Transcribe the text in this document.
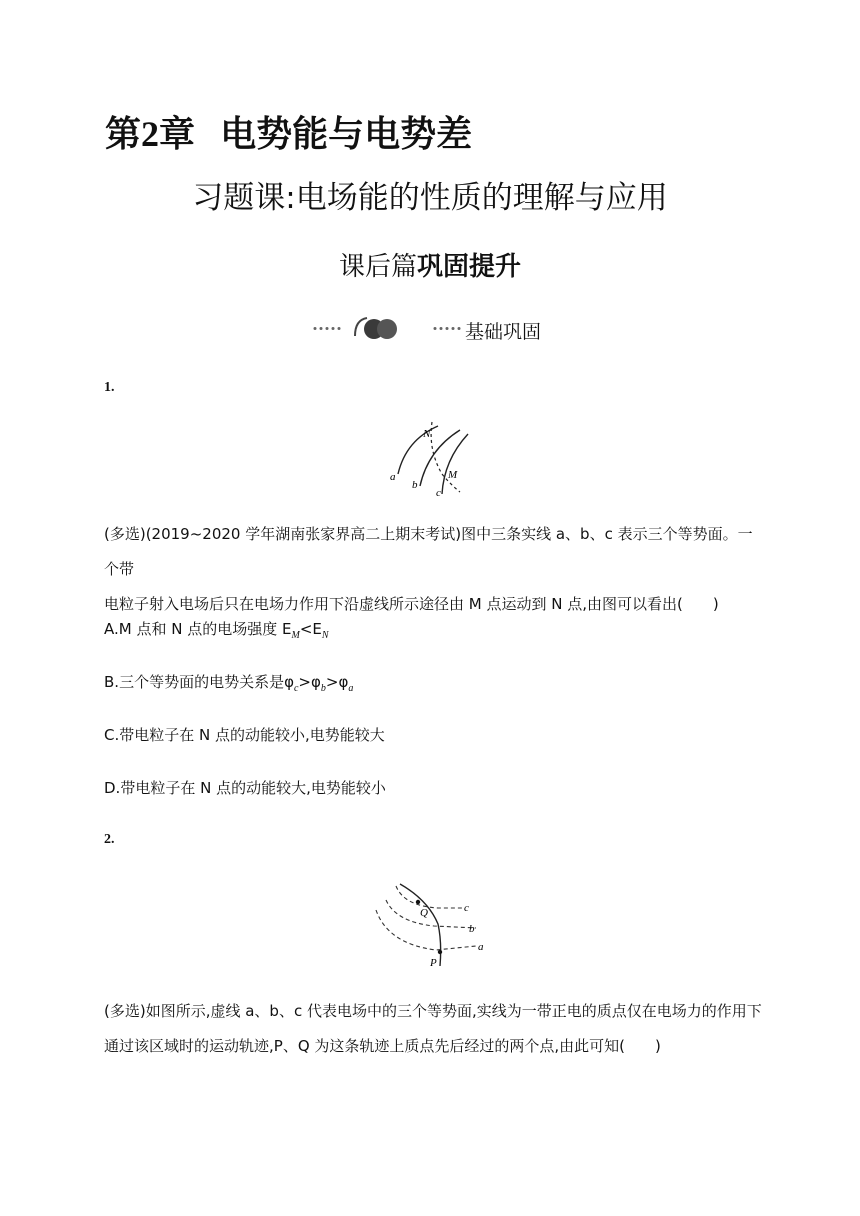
第2章 电势能与电势差
习题课:电场能的性质的理解与应用
课后篇巩固提升
基础巩固
1.
N
M
a
b
c
(多选)(2019~2020 学年湖南张家界高二上期末考试)图中三条实线 a、b、c 表示三个等势面。一个带
电粒子射入电场后只在电场力作用下沿虚线所示途径由 M 点运动到 N 点,由图可以看出(　　)
A.M 点和 N 点的电场强度 $E_M<E_N$
B.三个等势面的电势关系是$\varphi_c>\varphi_b>\varphi_a$
C.带电粒子在 N 点的动能较小,电势能较大
D.带电粒子在 N 点的动能较大,电势能较小
2.
Q
P
c
b
a
(多选)如图所示,虚线 a、b、c 代表电场中的三个等势面,实线为一带正电的质点仅在电场力的作用下
通过该区域时的运动轨迹,P、Q 为这条轨迹上质点先后经过的两个点,由此可知(　　)
